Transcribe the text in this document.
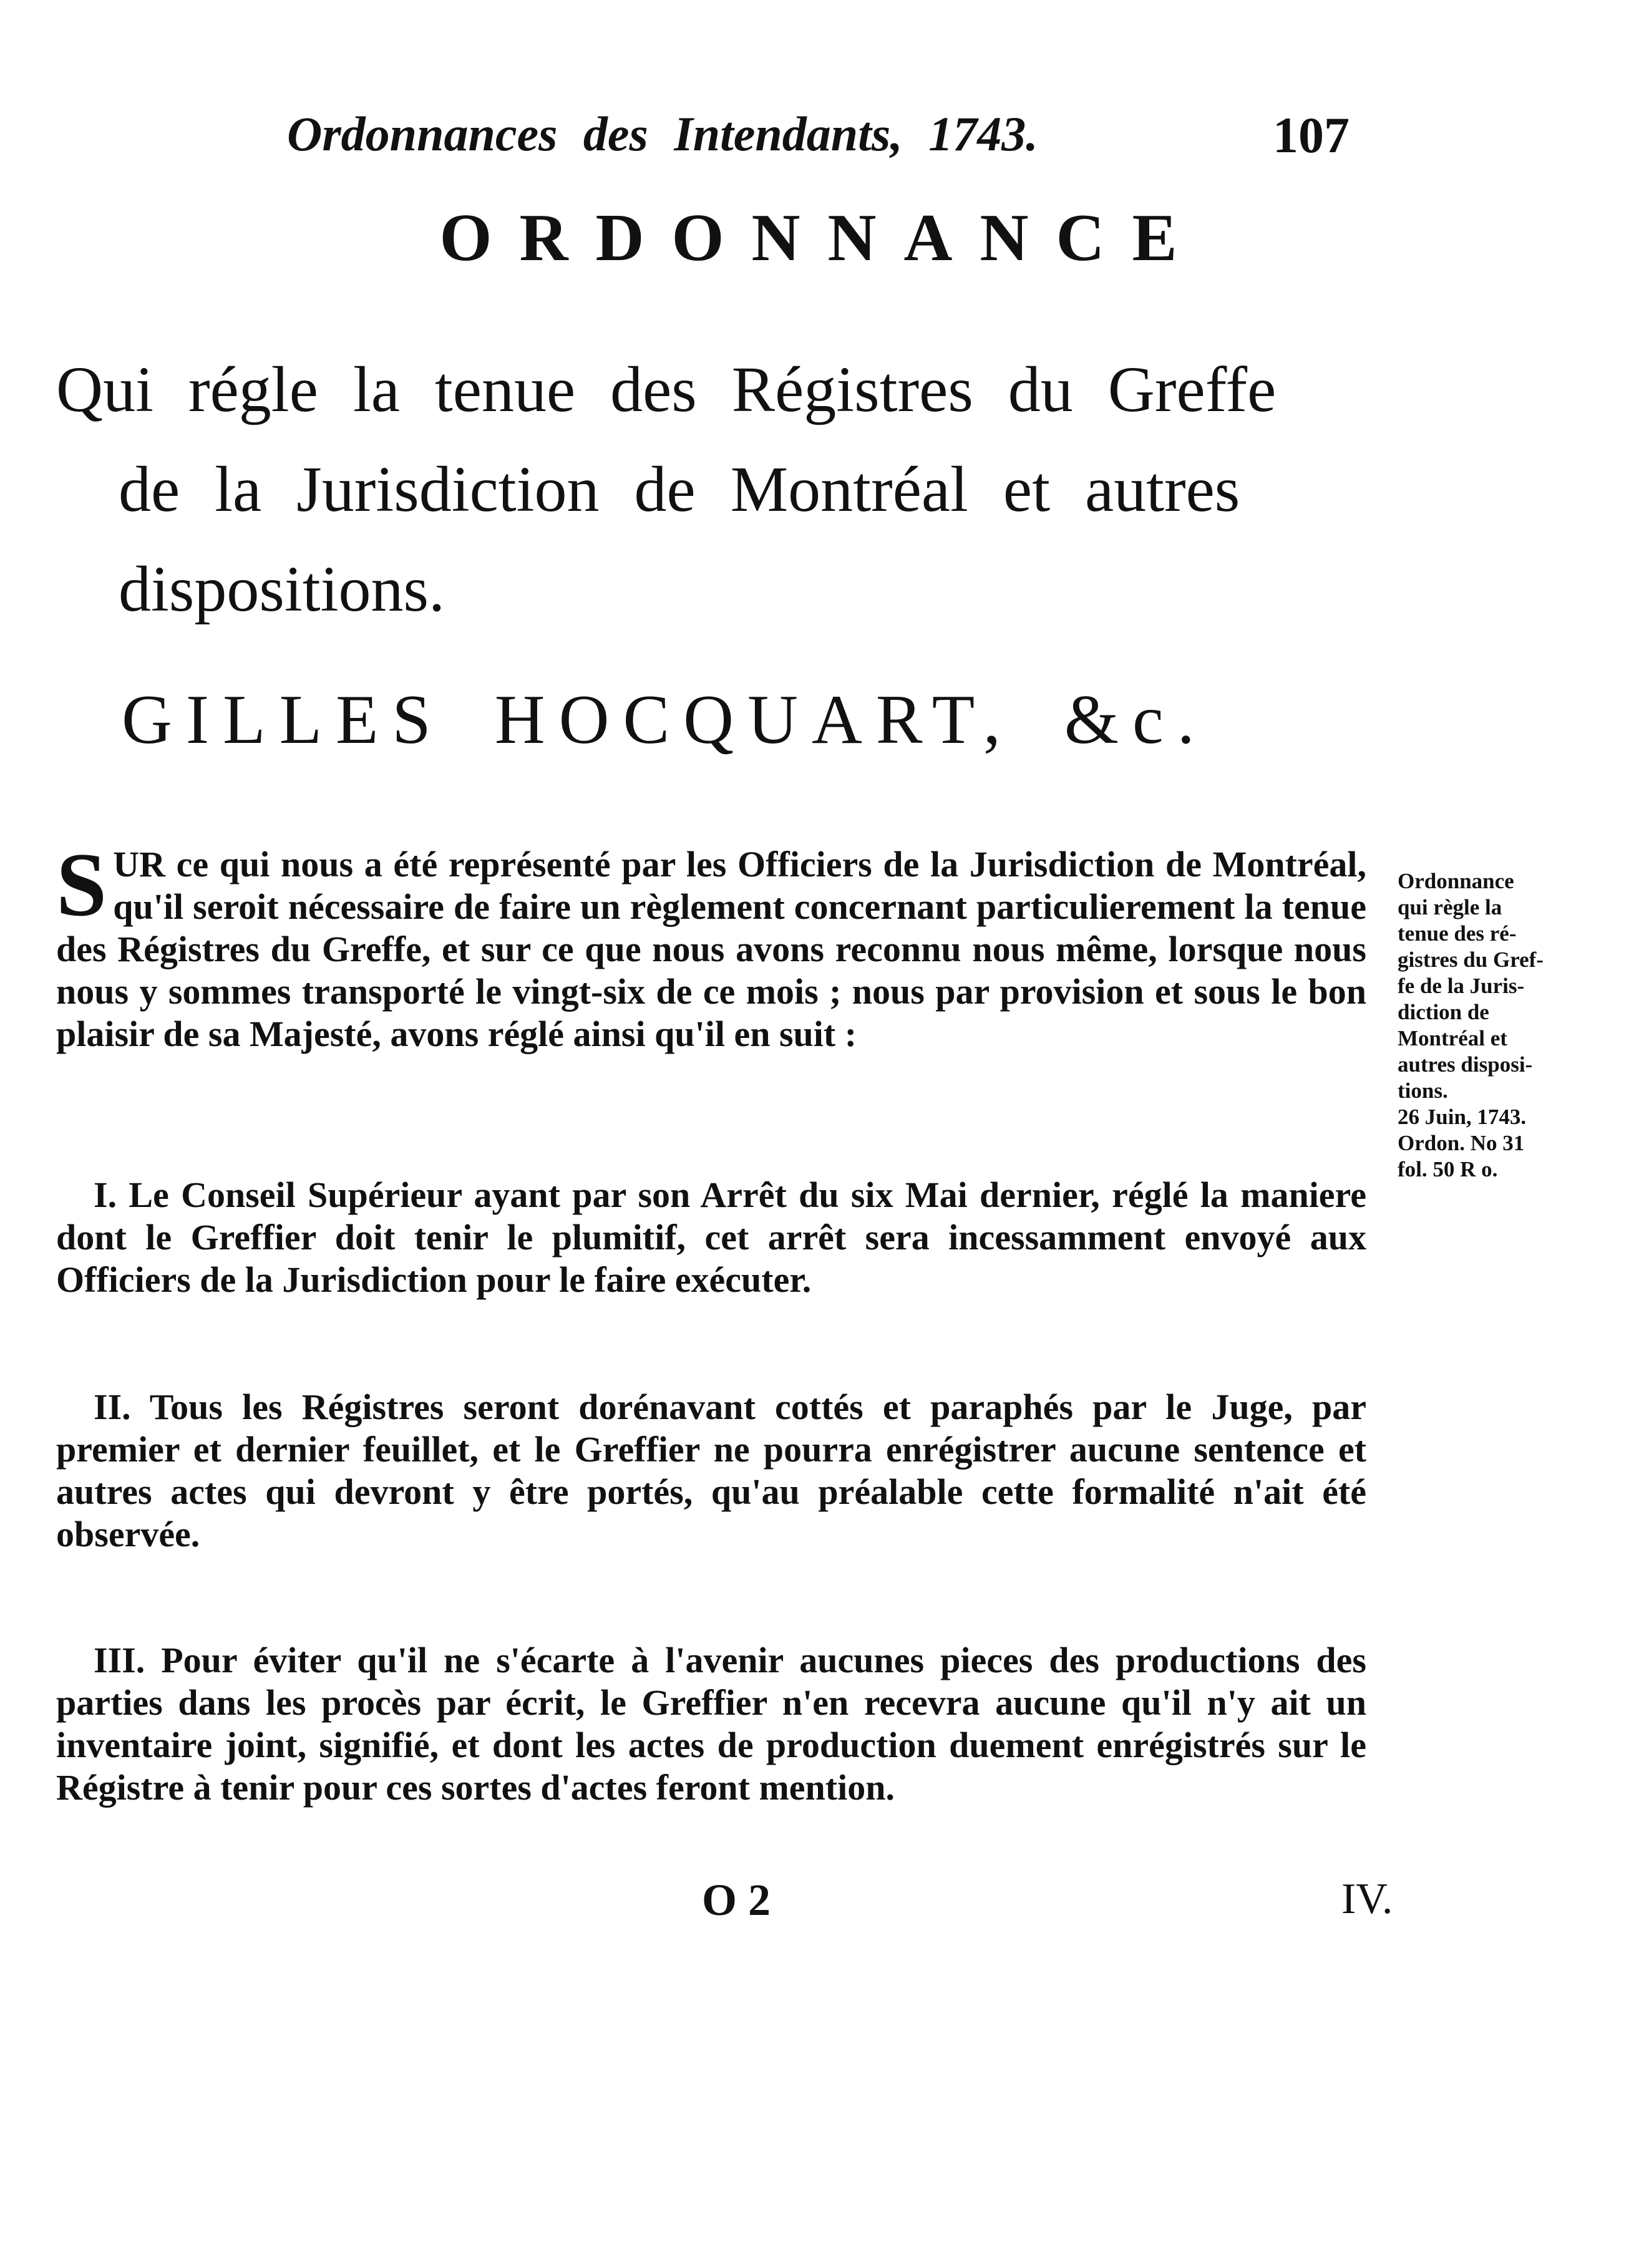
Ordonnances des Intendants, 1743.	107
ORDONNANCE
Qui régle la tenue des Régistres du Greffe
de la Jurisdiction de Montréal et autres
dispositions.
GILLES HOCQUART, &c.
SUR ce qui nous a été représenté par les Officiers de la Jurisdiction de Montréal, qu'il seroit nécessaire de faire un règlement concernant particulierement la tenue des Régistres du Greffe, et sur ce que nous avons reconnu nous même, lorsque nous nous y sommes transporté le vingt-six de ce mois ; nous par provision et sous le bon plaisir de sa Majesté, avons réglé ainsi qu'il en suit :
Ordonnance
qui règle la
tenue des ré-
gistres du Gref-
fe de la Juris-
diction de
Montréal et
autres disposi-
tions.
26 Juin, 1743.
Ordon. No 31
fol. 50 R o.
I. Le Conseil Supérieur ayant par son Arrêt du six Mai dernier, réglé la maniere dont le Greffier doit tenir le plumitif, cet arrêt sera incessamment envoyé aux Officiers de la Jurisdiction pour le faire exécuter.
II. Tous les Régistres seront dorénavant cottés et paraphés par le Juge, par premier et dernier feuillet, et le Greffier ne pourra enrégistrer aucune sentence et autres actes qui devront y être portés, qu'au préalable cette formalité n'ait été observée.
III. Pour éviter qu'il ne s'écarte à l'avenir aucunes pieces des productions des parties dans les procès par écrit, le Greffier n'en recevra aucune qu'il n'y ait un inventaire joint, signifié, et dont les actes de production duement enrégistrés sur le Régistre à tenir pour ces sortes d'actes feront mention.
O 2	IV.
